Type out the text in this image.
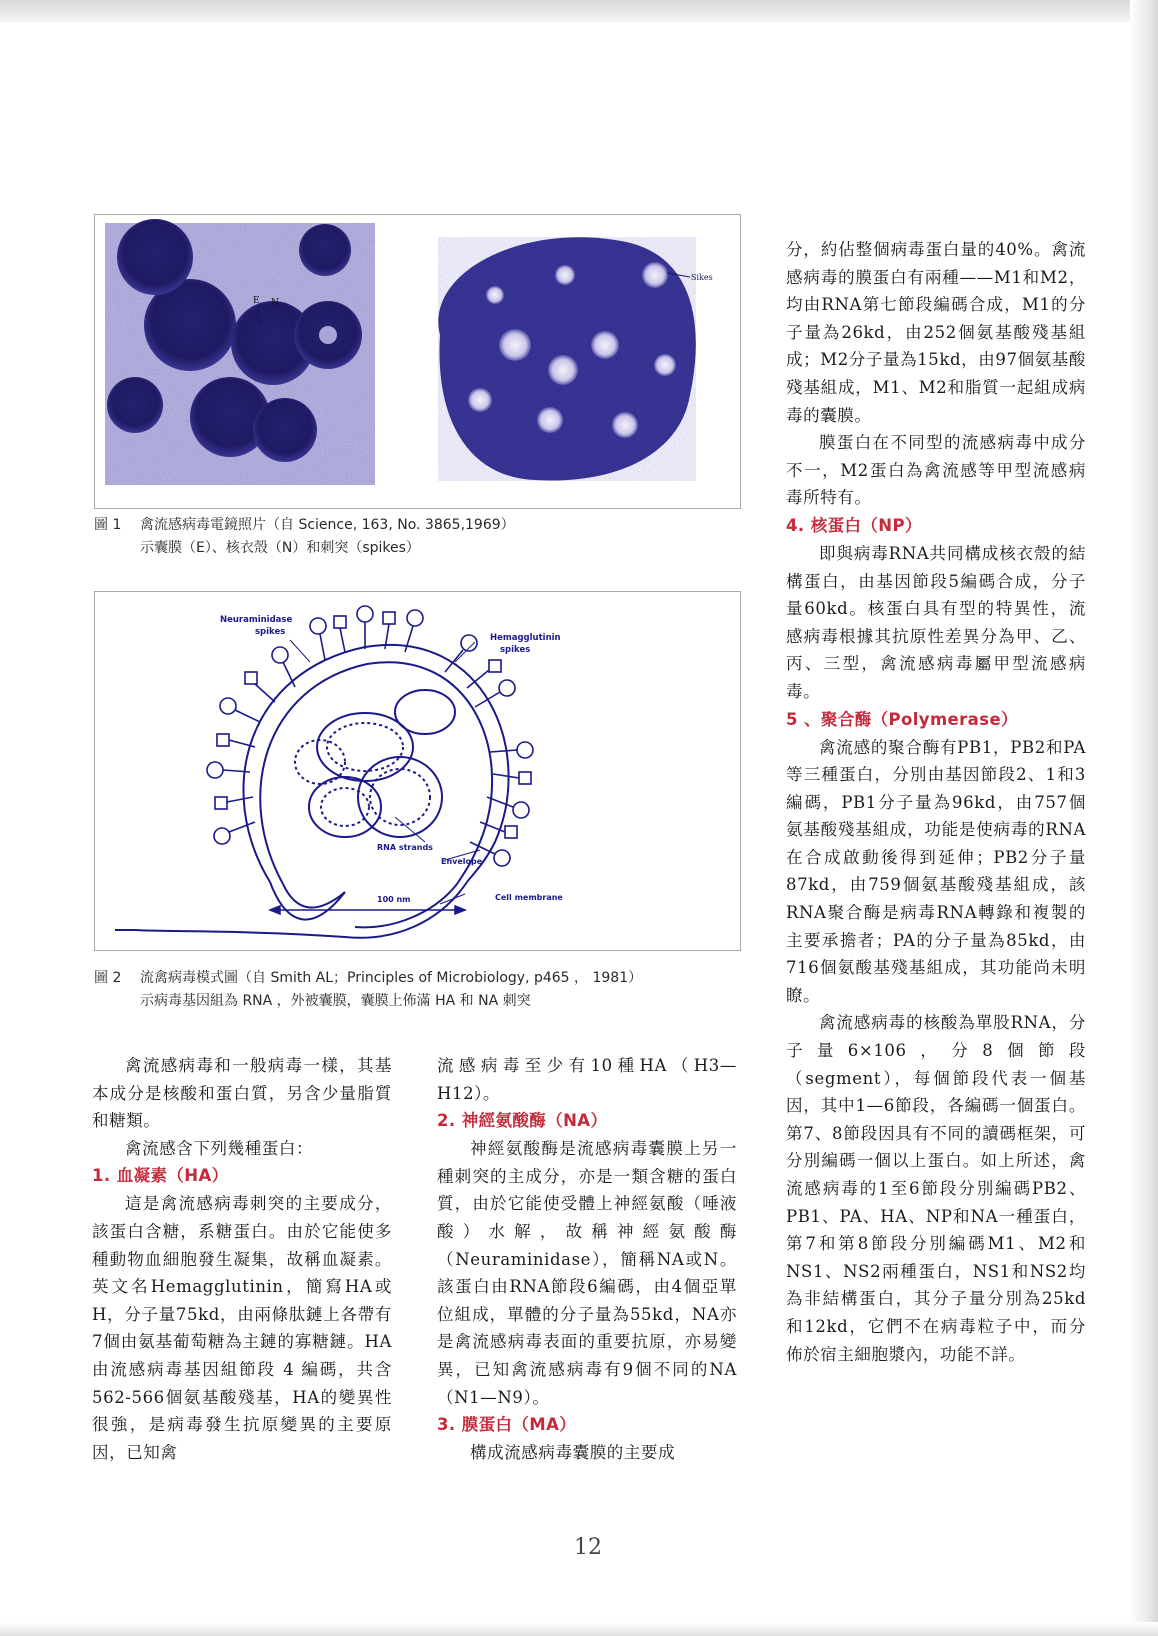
E N
Sikes
圖 1 禽流感病毒電鏡照片（自 Science, 163, No. 3865,1969）
示囊膜（E）、核衣殼（N）和刺突（spikes）
Neuraminidase
spikes
Hemagglutinin
spikes
RNA strands
Envelope
Cell membrane
100 nm
圖 2 流禽病毒模式圖（自 Smith AL；Principles of Microbiology, p465 ， 1981）
示病毒基因組為 RNA ，外被囊膜，囊膜上佈滿 HA 和 NA 刺突

禽流感病毒和一般病毒一樣，其基本成分是核酸和蛋白質，另含少量脂質和糖類。

禽流感含下列幾種蛋白：

1. 血凝素（HA）

這是禽流感病毒刺突的主要成分，該蛋白含糖，系糖蛋白。由於它能使多種動物血細胞發生凝集，故稱血凝素。英文名Hemagglutinin，簡寫HA或H，分子量75kd，由兩條肽鏈上各帶有7個由氨基葡萄糖為主鏈的寡糖鏈。HA由流感病毒基因組節段 4 編碼，共含562-566個氨基酸殘基，HA的變異性很強，是病毒發生抗原變異的主要原因，已知禽

流感病毒至少有10種HA（H3—H12）。

2. 神經氨酸酶（NA）

神經氨酸酶是流感病毒囊膜上另一種刺突的主成分，亦是一類含糖的蛋白質，由於它能使受體上神經氨酸（唾液酸）水解，故稱神經氨酸酶（Neuraminidase），簡稱NA或N。該蛋白由RNA節段6編碼，由4個亞單位組成，單體的分子量為55kd，NA亦是禽流感病毒表面的重要抗原，亦易變異，已知禽流感病毒有9個不同的NA（N1—N9）。

3. 膜蛋白（MA）

構成流感病毒囊膜的主要成

分，約佔整個病毒蛋白量的40%。禽流感病毒的膜蛋白有兩種——M1和M2，均由RNA第七節段編碼合成，M1的分子量為26kd，由252個氨基酸殘基組成；M2分子量為15kd，由97個氨基酸殘基組成，M1、M2和脂質一起組成病毒的囊膜。

膜蛋白在不同型的流感病毒中成分不一，M2蛋白為禽流感等甲型流感病毒所特有。

4. 核蛋白（NP）

即與病毒RNA共同構成核衣殼的結構蛋白，由基因節段5編碼合成，分子量60kd。核蛋白具有型的特異性，流感病毒根據其抗原性差異分為甲、乙、丙、三型，禽流感病毒屬甲型流感病毒。

5 、聚合酶（Polymerase）

禽流感的聚合酶有PB1，PB2和PA 等三種蛋白，分別由基因節段2、1和3編碼，PB1分子量為96kd，由757個氨基酸殘基組成，功能是使病毒的RNA在合成啟動後得到延伸；PB2分子量87kd，由759個氨基酸殘基組成，該RNA聚合酶是病毒RNA轉錄和複製的主要承擔者；PA的分子量為85kd，由716個氨酸基殘基組成，其功能尚未明瞭。

禽流感病毒的核酸為單股RNA，分子量6×106，分8個節段（segment），每個節段代表一個基因，其中1—6節段，各編碼一個蛋白。第7、8節段因具有不同的讀碼框架，可分別編碼一個以上蛋白。如上所述，禽流感病毒的1至6節段分別編碼PB2、PB1、PA、HA、NP和NA一種蛋白，第7和第8節段分別編碼M1、M2和NS1、NS2兩種蛋白，NS1和NS2均為非結構蛋白，其分子量分別為25kd和12kd，它們不在病毒粒子中，而分佈於宿主細胞漿內，功能不詳。

12
